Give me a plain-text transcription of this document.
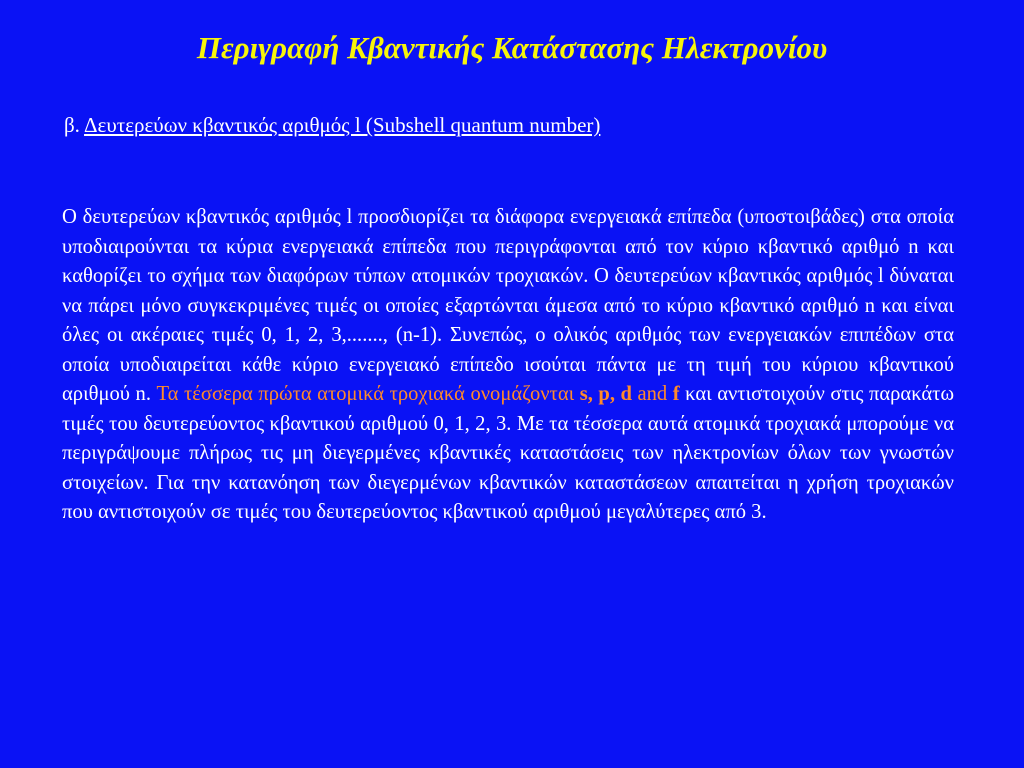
Περιγραφή Κβαντικής Κατάστασης Ηλεκτρονίου
β. Δευτερεύων κβαντικός αριθμός l (Subshell quantum number)
Ο δευτερεύων κβαντικός αριθμός l προσδιορίζει τα διάφορα ενεργειακά επίπεδα (υποστοιβάδες) στα οποία υποδιαιρούνται τα κύρια ενεργειακά επίπεδα που περιγράφονται από τον κύριο κβαντικό αριθμό n και καθορίζει το σχήμα των διαφόρων τύπων ατομικών τροχιακών. Ο δευτερεύων κβαντικός αριθμός l δύναται να πάρει μόνο συγκεκριμένες τιμές οι οποίες εξαρτώνται άμεσα από το κύριο κβαντικό αριθμό n και είναι όλες οι ακέραιες τιμές 0, 1, 2, 3,......., (n-1). Συνεπώς, ο ολικός αριθμός των ενεργειακών επιπέδων στα οποία υποδιαιρείται κάθε κύριο ενεργειακό επίπεδο ισούται πάντα με τη τιμή του κύριου κβαντικού αριθμού n. Τα τέσσερα πρώτα ατομικά τροχιακά ονομάζονται s, p, d and f και αντιστοιχούν στις παρακάτω τιμές του δευτερεύοντος κβαντικού αριθμού 0, 1, 2, 3. Με τα τέσσερα αυτά ατομικά τροχιακά μπορούμε να περιγράψουμε πλήρως τις μη διεγερμένες κβαντικές καταστάσεις των ηλεκτρονίων όλων των γνωστών στοιχείων. Για την κατανόηση των διεγερμένων κβαντικών καταστάσεων απαιτείται η χρήση τροχιακών που αντιστοιχούν σε τιμές του δευτερεύοντος κβαντικού αριθμού μεγαλύτερες από 3.
